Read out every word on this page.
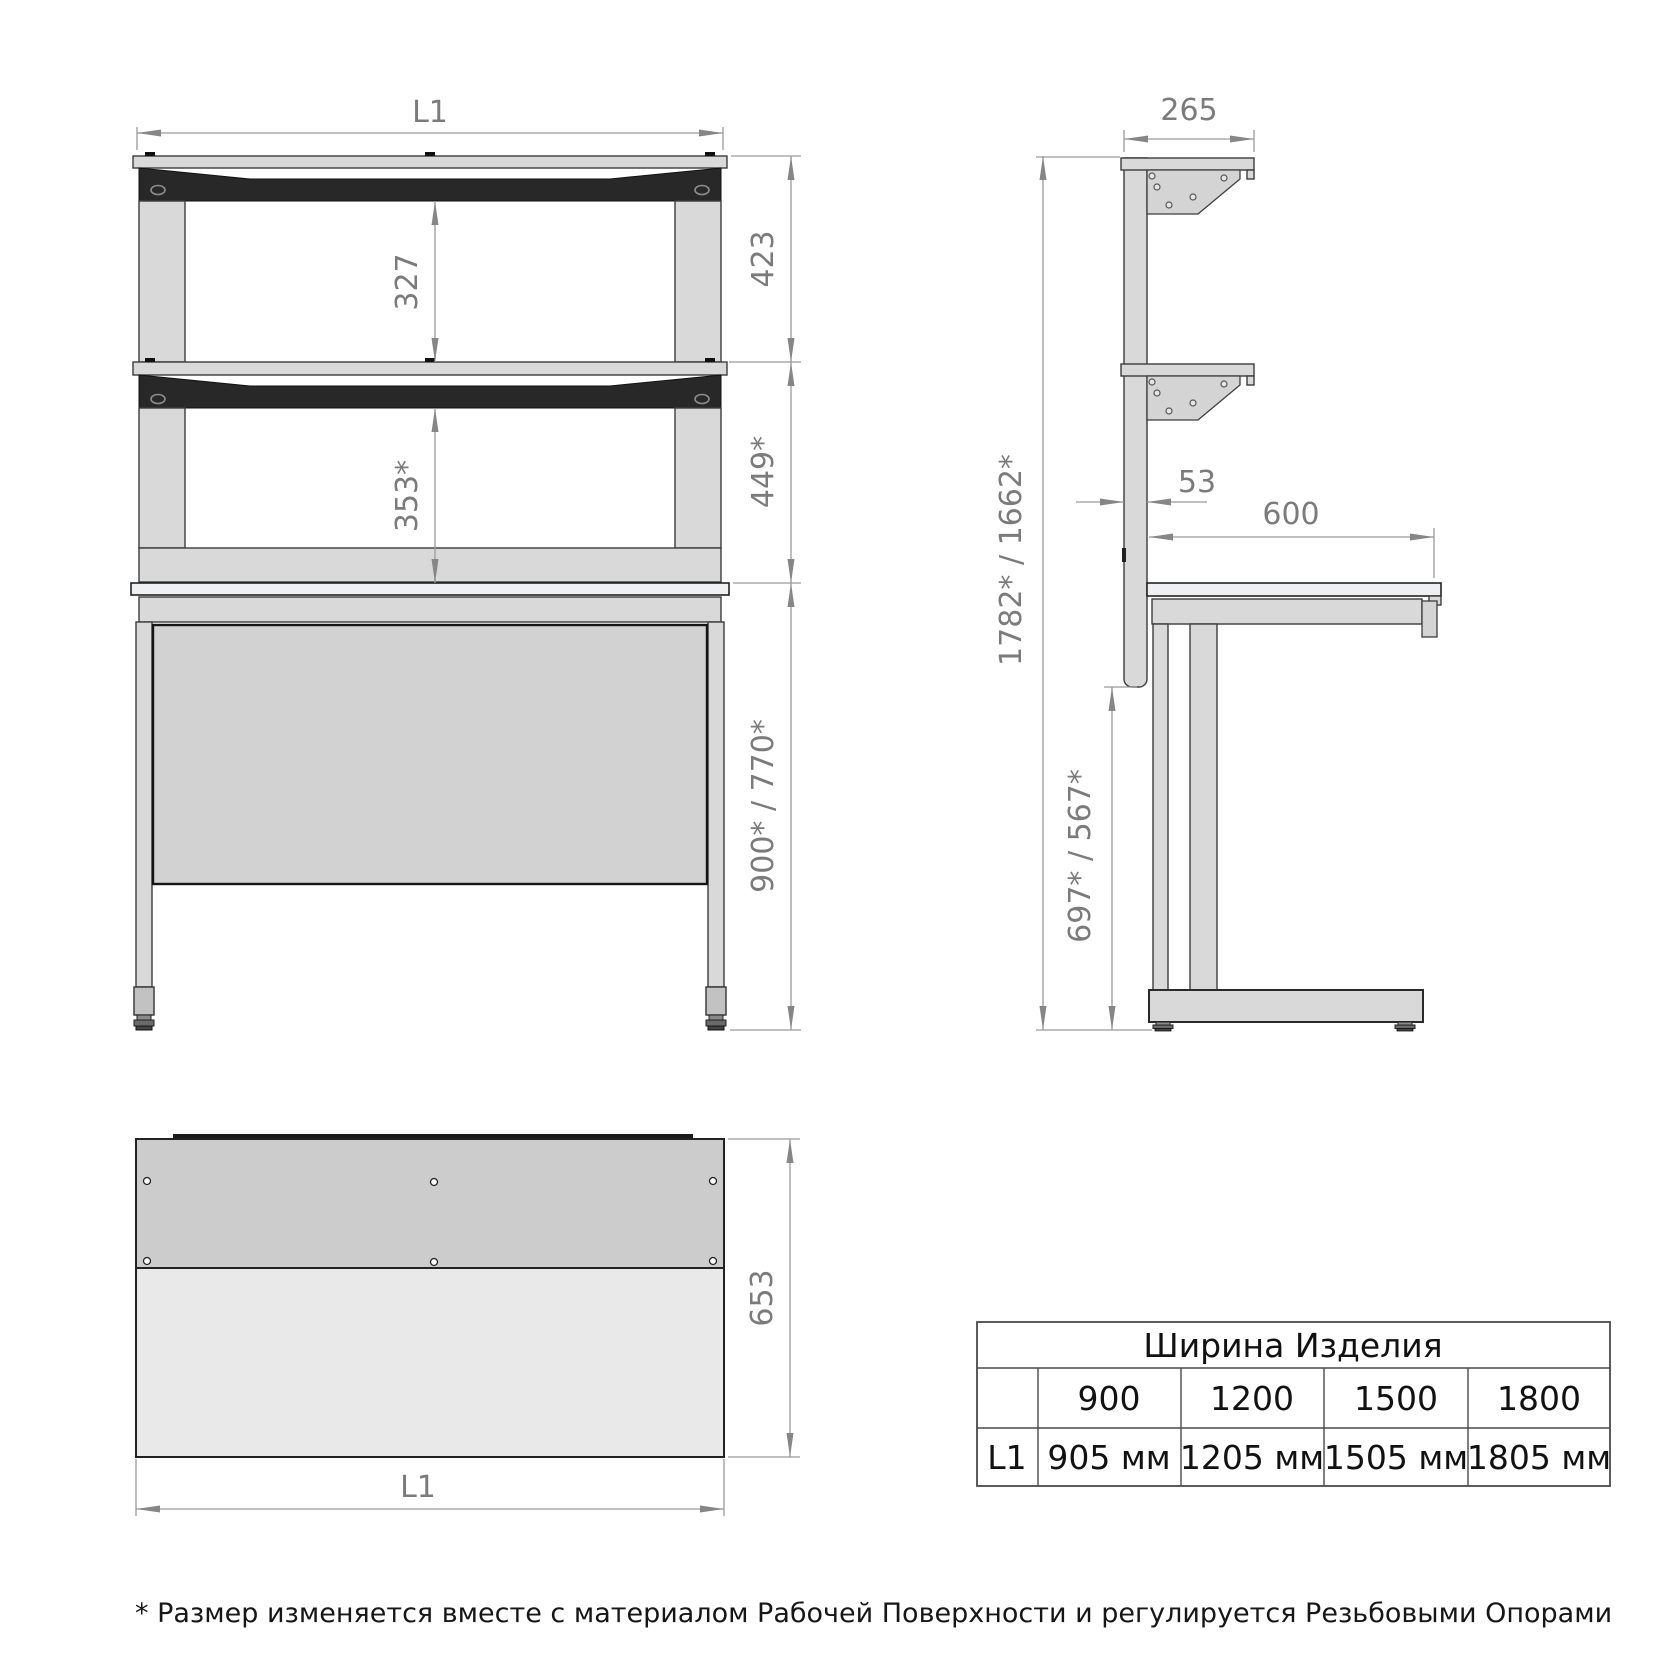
L1
327
353*
423
449*
900* / 770*
265
1782* / 1662*
697* / 567*
53
600
653
L1
Ширина Изделия
900 1200 1500 1800
L1 905 мм 1205 мм 1505 мм
1805 мм
* Размер изменяется вместе с материалом Рабочей Поверхности и регулируется Резьбовыми Опорами
